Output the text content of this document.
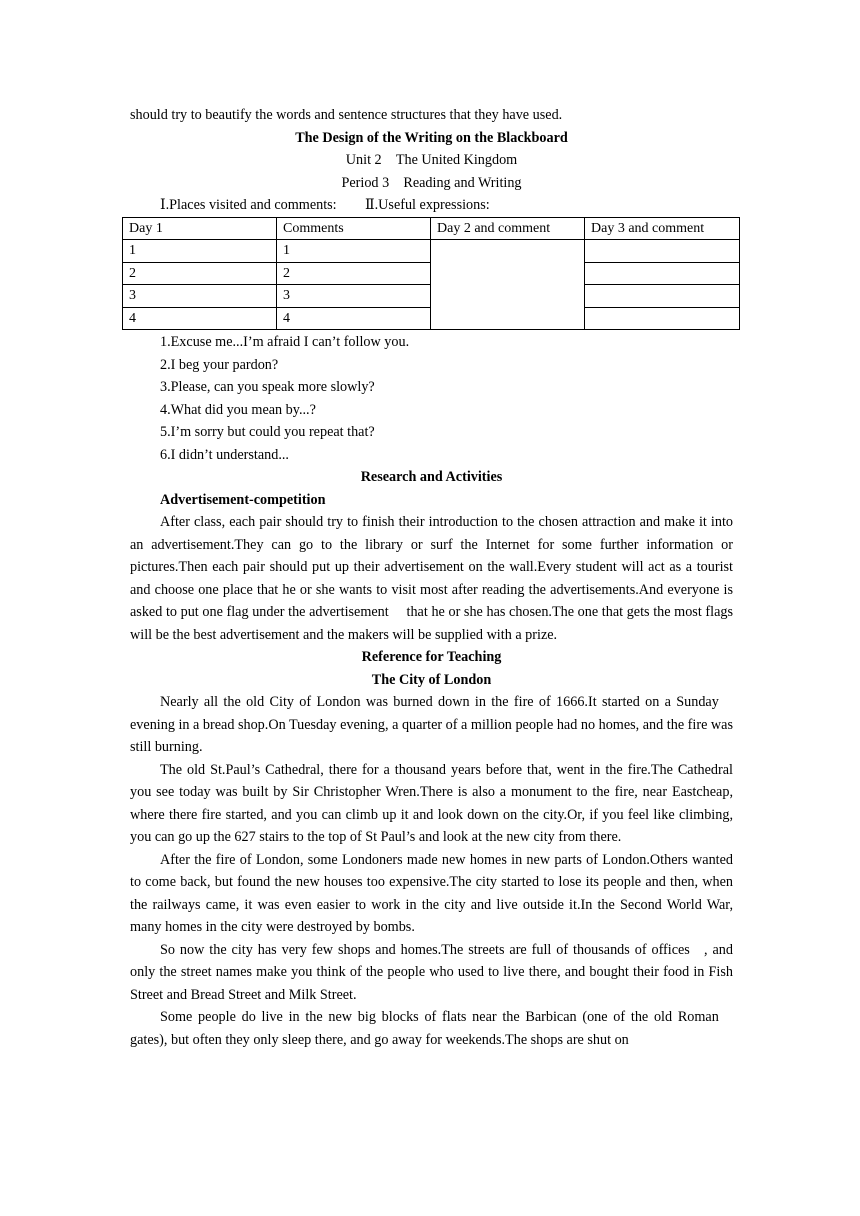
should try to beautify the words and sentence structures that they have used.
The Design of the Writing on the Blackboard
Unit 2 The United Kingdom
Period 3 Reading and Writing
Ⅰ.Places visited and comments:  Ⅱ.Useful expressions:
Day 1	Comments	Day 2 and comment	Day 3 and comment
1	1		
2	2		
3	3		
4	4		
1.Excuse me...I’m afraid I can’t follow you.
2.I beg your pardon?
3.Please, can you speak more slowly?
4.What did you mean by...?
5.I’m sorry but could you repeat that?
6.I didn’t understand...
Research and Activities
Advertisement-competition

After class, each pair should try to finish their introduction to the chosen attraction and make it into an advertisement.They can go to the library or surf the Internet for some further information or pictures.Then each pair should put up their advertisement on the wall.Every student will act as a tourist and choose one place that he or she wants to visit most after reading the advertisements.And everyone is asked to put one flag under the advertisement  that he or she has chosen.The one that gets the most flags will be the best advertisement and the makers will be supplied with a prize.

Reference for Teaching
The City of London

Nearly all the old City of London was burned down in the fire of 1666.It started on a Sunday  evening in a bread shop.On Tuesday evening, a quarter of a million people had no homes, and the fire was still burning.

The old St.Paul’s Cathedral, there for a thousand years before that, went in the fire.The Cathedral you see today was built by Sir Christopher Wren.There is also a monument to the fire, near Eastcheap, where there fire started, and you can climb up it and look down on the city.Or, if you feel like climbing, you can go up the 627 stairs to the top of St Paul’s and look at the new city from there.

After the fire of London, some Londoners made new homes in new parts of London.Others wanted to come back, but found the new houses too expensive.The city started to lose its people and then, when the railways came, it was even easier to work in the city and live outside it.In the Second World War, many homes in the city were destroyed by bombs.

So now the city has very few shops and homes.The streets are full of thousands of offices , and only the street names make you think of the people who used to live there, and bought their food in Fish Street and Bread Street and Milk Street.

Some people do live in the new big blocks of flats near the Barbican (one of the old Roman  gates), but often they only sleep there, and go away for weekends.The shops are shut on
